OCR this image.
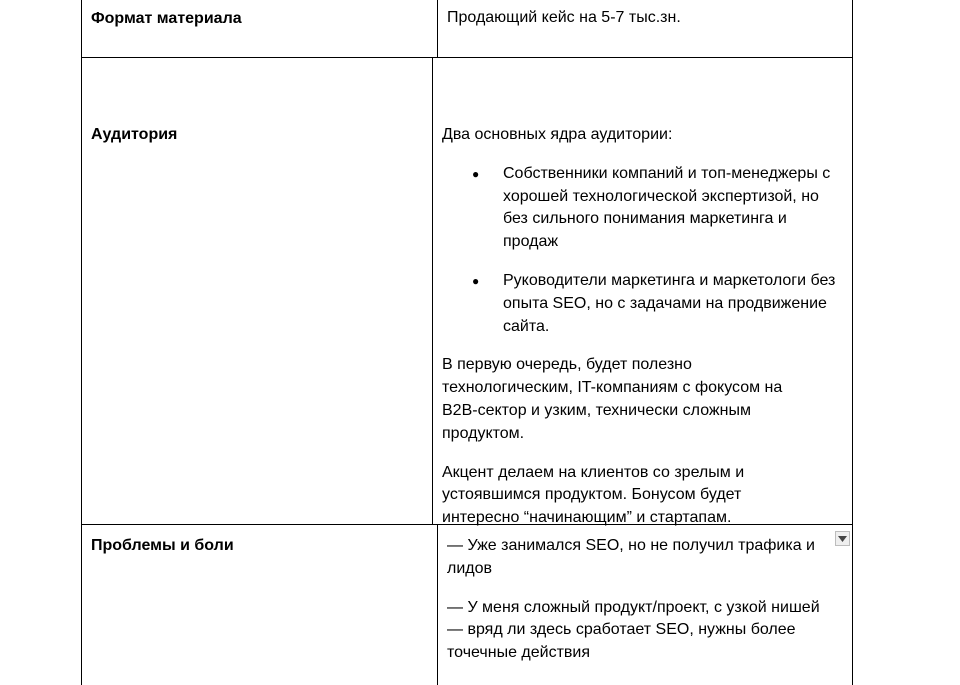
Формат материала	Продающий кейс на 5-7 тыс.зн.
Аудитория	Два основных ядра аудитории:

● Собственники компаний и топ-менеджеры с хорошей технологической экспертизой, но без сильного понимания маркетинга и продаж
● Руководители маркетинга и маркетологи без опыта SEO, но с задачами на продвижение сайта.

В первую очередь, будет полезно технологическим, IT-компаниям с фокусом на B2B-сектор и узким, технически сложным продуктом.

Акцент делаем на клиентов со зрелым и устоявшимся продуктом. Бонусом будет интересно “начинающим” и стартапам.

Проблемы и боли	— Уже занимался SEO, но не получил трафика и лидов

— У меня сложный продукт/проект, с узкой нишей — вряд ли здесь сработает SEO, нужны более точечные действия
